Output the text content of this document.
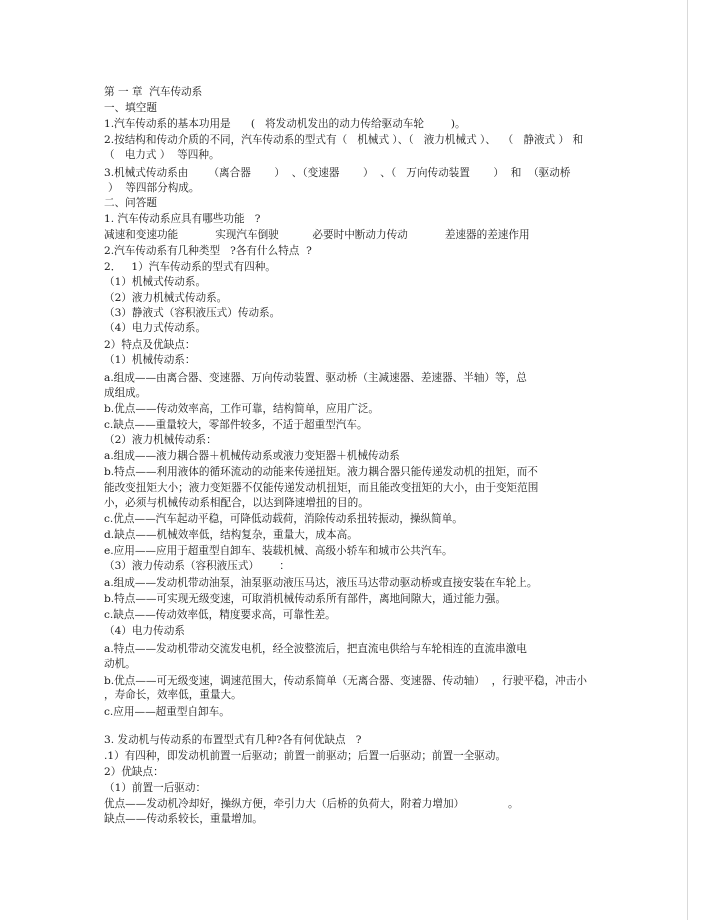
第 一 章  汽车传动系
一、填空题
1.汽车传动系的基本功用是      (   将发动机发出的动力传给驱动车轮        )。
2.按结构和传动介质的不同，汽车传动系的型式有（   机械式 ）、（   液力机械式 ）、  （   静液式 ） 和
（   电力式 ）  等四种。
3.机械式传动系由      （离合器       ）  、（变速器       ）  、（   万向传动装置       ）  和  （驱动桥
）  等四部分构成。
二、问答题
1. 汽车传动系应具有哪些功能   ?
减速和变速功能           实现汽车倒驶          必要时中断动力传动           差速器的差速作用
2.汽车传动系有几种类型   ?各有什么特点  ?
2．   1）汽车传动系的型式有四种。
（1）机械式传动系。
（2）液力机械式传动系。
（3）静液式（容积液压式）传动系。
（4）电力式传动系。
2）特点及优缺点：
（1）机械传动系：
a.组成——由离合器、变速器、万向传动装置、驱动桥（主减速器、差速器、半轴）等，总
成组成。
b.优点——传动效率高，工作可靠，结构简单，应用广泛。
c.缺点——重量较大，零部件较多，不适于超重型汽车。
（2）液力机械传动系：
a.组成——液力耦合器＋机械传动系或液力变矩器＋机械传动系
b.特点——利用液体的循环流动的动能来传递扭矩。液力耦合器只能传递发动机的扭矩，而不
能改变扭矩大小；液力变矩器不仅能传递发动机扭矩，而且能改变扭矩的大小，由于变矩范围
小，必须与机械传动系相配合，以达到降速增扭的目的。
c.优点——汽车起动平稳，可降低动载荷，消除传动系扭转振动，操纵简单。
d.缺点——机械效率低，结构复杂，重量大，成本高。
e.应用——应用于超重型自卸车、装载机械、高级小轿车和城市公共汽车。
（3）液力传动系（容积液压式）      ：
a.组成——发动机带动油泵，油泵驱动液压马达，液压马达带动驱动桥或直接安装在车轮上。
b.特点——可实现无级变速，可取消机械传动系所有部件，离地间隙大，通过能力强。
c.缺点——传动效率低，精度要求高，可靠性差。
（4）电力传动系
a.特点——发动机带动交流发电机，经全波整流后，把直流电供给与车轮相连的直流串激电
动机。
b.优点——可无级变速，调速范围大，传动系简单（无离合器、变速器、传动轴）  ，行驶平稳，冲击小
，寿命长，效率低，重量大。
c.应用——超重型自卸车。
3. 发动机与传动系的布置型式有几种?各有何优缺点   ?
.1）有四种，即发动机前置一后驱动；前置一前驱动；后置一后驱动；前置一全驱动。
2）优缺点：
（1）前置一后驱动：
优点——发动机冷却好，操纵方便，牵引力大（后桥的负荷大，附着力增加）             。
缺点——传动系较长，重量增加。
